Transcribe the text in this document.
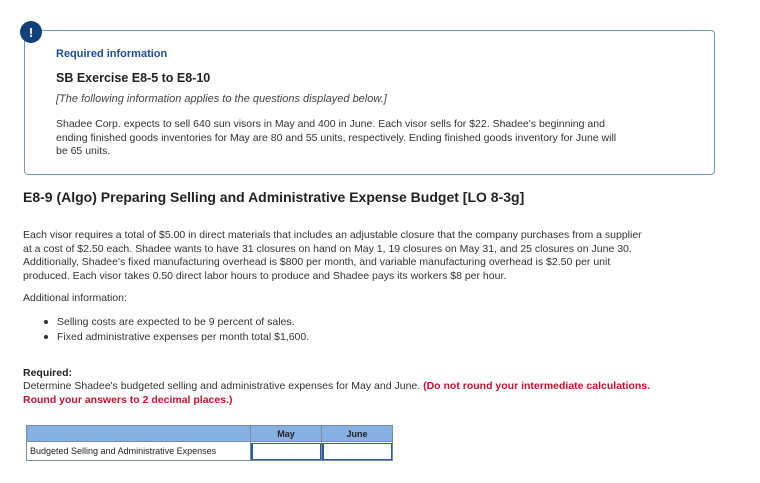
Required information
SB Exercise E8-5 to E8-10
[The following information applies to the questions displayed below.]
Shadee Corp. expects to sell 640 sun visors in May and 400 in June. Each visor sells for $22. Shadee's beginning and
ending finished goods inventories for May are 80 and 55 units, respectively. Ending finished goods inventory for June will
be 65 units.
!
E8-9 (Algo) Preparing Selling and Administrative Expense Budget [LO 8-3g]
Each visor requires a total of $5.00 in direct materials that includes an adjustable closure that the company purchases from a supplier
at a cost of $2.50 each. Shadee wants to have 31 closures on hand on May 1, 19 closures on May 31, and 25 closures on June 30.
Additionally, Shadee's fixed manufacturing overhead is $800 per month, and variable manufacturing overhead is $2.50 per unit
produced. Each visor takes 0.50 direct labor hours to produce and Shadee pays its workers $8 per hour.
Additional information:
Selling costs are expected to be 9 percent of sales.
Fixed administrative expenses per month total $1,600.
Required:
Determine Shadee's budgeted selling and administrative expenses for May and June. (Do not round your intermediate calculations.
Round your answers to 2 decimal places.)
	May	June
Budgeted Selling and Administrative Expenses	
